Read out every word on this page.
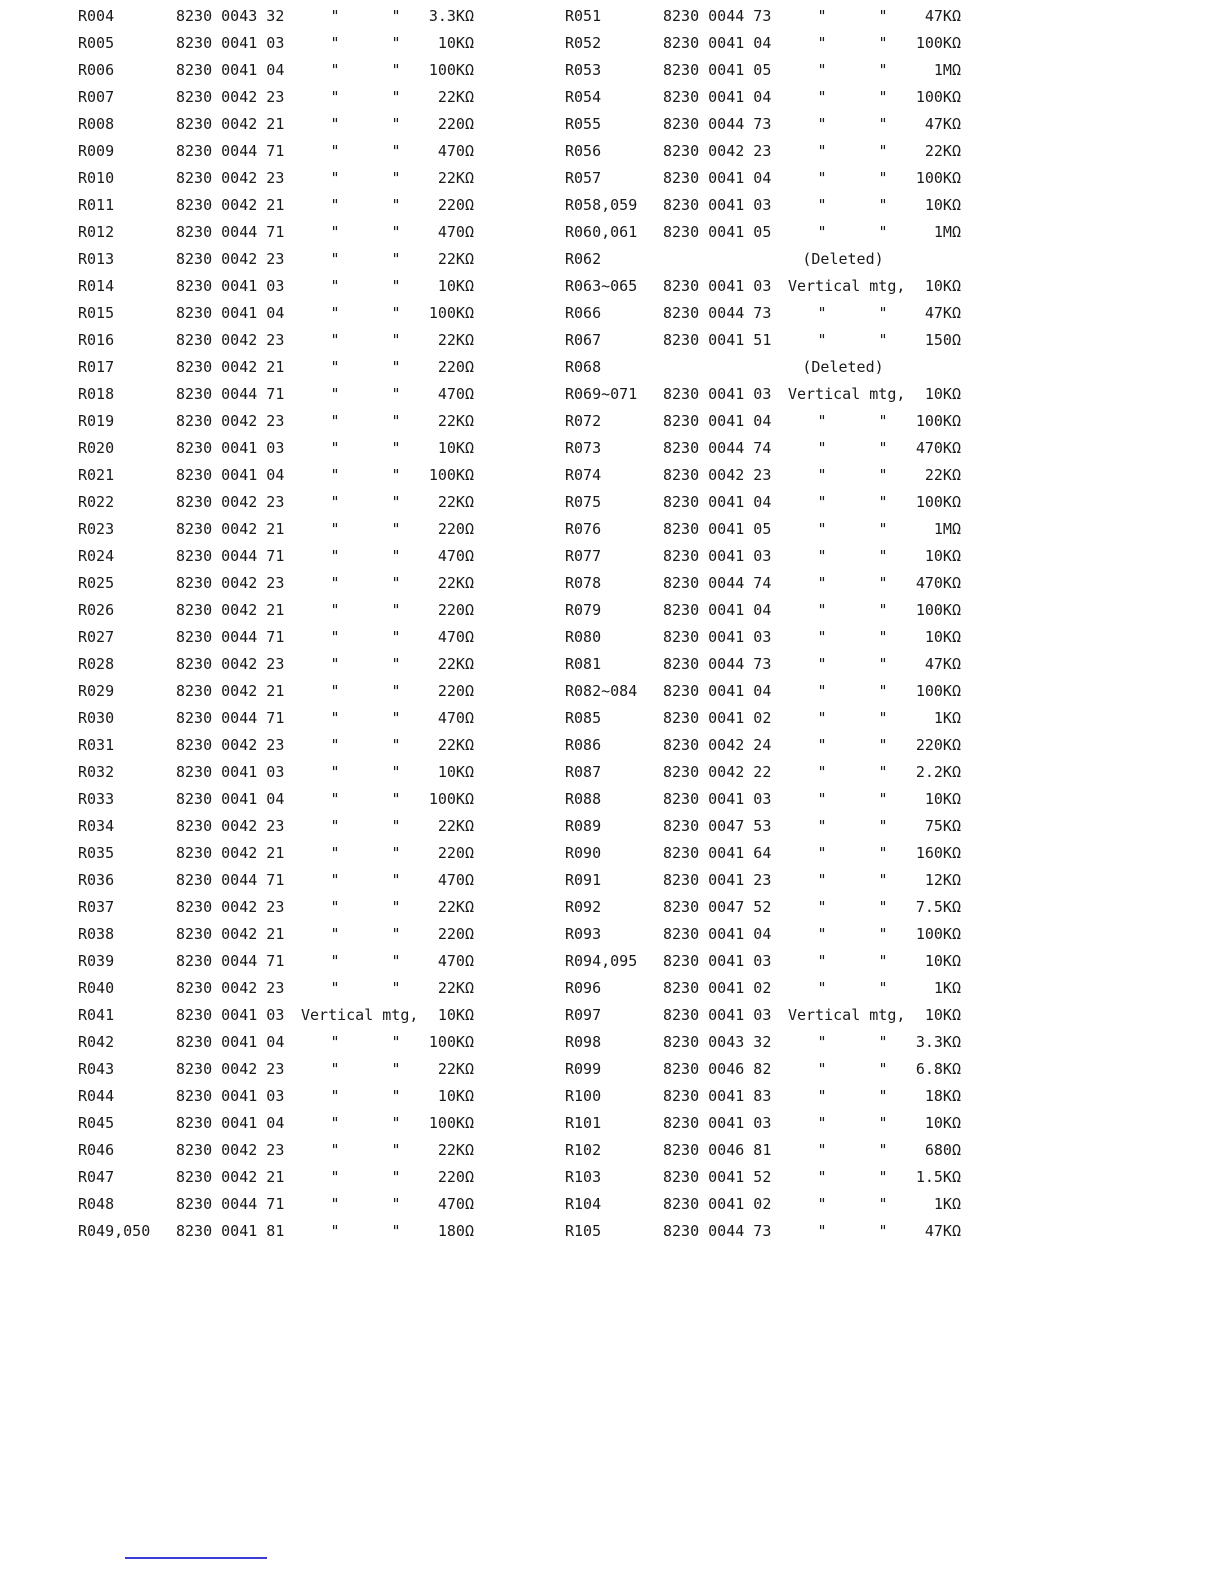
R004	8230 0043 32	"	"	3.3KΩ
R005	8230 0041 03	"	"	10KΩ
R006	8230 0041 04	"	"	100KΩ
R007	8230 0042 23	"	"	22KΩ
R008	8230 0042 21	"	"	220Ω
R009	8230 0044 71	"	"	470Ω
R010	8230 0042 23	"	"	22KΩ
R011	8230 0042 21	"	"	220Ω
R012	8230 0044 71	"	"	470Ω
R013	8230 0042 23	"	"	22KΩ
R014	8230 0041 03	"	"	10KΩ
R015	8230 0041 04	"	"	100KΩ
R016	8230 0042 23	"	"	22KΩ
R017	8230 0042 21	"	"	220Ω
R018	8230 0044 71	"	"	470Ω
R019	8230 0042 23	"	"	22KΩ
R020	8230 0041 03	"	"	10KΩ
R021	8230 0041 04	"	"	100KΩ
R022	8230 0042 23	"	"	22KΩ
R023	8230 0042 21	"	"	220Ω
R024	8230 0044 71	"	"	470Ω
R025	8230 0042 23	"	"	22KΩ
R026	8230 0042 21	"	"	220Ω
R027	8230 0044 71	"	"	470Ω
R028	8230 0042 23	"	"	22KΩ
R029	8230 0042 21	"	"	220Ω
R030	8230 0044 71	"	"	470Ω
R031	8230 0042 23	"	"	22KΩ
R032	8230 0041 03	"	"	10KΩ
R033	8230 0041 04	"	"	100KΩ
R034	8230 0042 23	"	"	22KΩ
R035	8230 0042 21	"	"	220Ω
R036	8230 0044 71	"	"	470Ω
R037	8230 0042 23	"	"	22KΩ
R038	8230 0042 21	"	"	220Ω
R039	8230 0044 71	"	"	470Ω
R040	8230 0042 23	"	"	22KΩ
R041	8230 0041 03 Vertical mtg,	10KΩ
R042	8230 0041 04	"	"	100KΩ
R043	8230 0042 23	"	"	22KΩ
R044	8230 0041 03	"	"	10KΩ
R045	8230 0041 04	"	"	100KΩ
R046	8230 0042 23	"	"	22KΩ
R047	8230 0042 21	"	"	220Ω
R048	8230 0044 71	"	"	470Ω
R049,050 8230 0041 81	"	"	180Ω
R051	8230 0044 73	"	"	47KΩ
R052	8230 0041 04	"	"	100KΩ
R053	8230 0041 05	"	"	1MΩ
R054	8230 0041 04	"	"	100KΩ
R055	8230 0044 73	"	"	47KΩ
R056	8230 0042 23	"	"	22KΩ
R057	8230 0041 04	"	"	100KΩ
R058,059 8230 0041 03	"	"	10KΩ
R060,061 8230 0041 05	"	"	1MΩ
R062	(Deleted)
R063~065 8230 0041 03 Vertical mtg,	10KΩ
R066	8230 0044 73	"	"	47KΩ
R067	8230 0041 51	"	"	150Ω
R068	(Deleted)
R069~071 8230 0041 03 Vertical mtg,	10KΩ
R072	8230 0041 04	"	"	100KΩ
R073	8230 0044 74	"	"	470KΩ
R074	8230 0042 23	"	"	22KΩ
R075	8230 0041 04	"	"	100KΩ
R076	8230 0041 05	"	"	1MΩ
R077	8230 0041 03	"	"	10KΩ
R078	8230 0044 74	"	"	470KΩ
R079	8230 0041 04	"	"	100KΩ
R080	8230 0041 03	"	"	10KΩ
R081	8230 0044 73	"	"	47KΩ
R082~084 8230 0041 04	"	"	100KΩ
R085	8230 0041 02	"	"	1KΩ
R086	8230 0042 24	"	"	220KΩ
R087	8230 0042 22	"	"	2.2KΩ
R088	8230 0041 03	"	"	10KΩ
R089	8230 0047 53	"	"	75KΩ
R090	8230 0041 64	"	"	160KΩ
R091	8230 0041 23	"	"	12KΩ
R092	8230 0047 52	"	"	7.5KΩ
R093	8230 0041 04	"	"	100KΩ
R094,095 8230 0041 03	"	"	10KΩ
R096	8230 0041 02	"	"	1KΩ
R097	8230 0041 03 Vertical mtg,	10KΩ
R098	8230 0043 32	"	"	3.3KΩ
R099	8230 0046 82	"	"	6.8KΩ
R100	8230 0041 83	"	"	18KΩ
R101	8230 0041 03	"	"	10KΩ
R102	8230 0046 81	"	"	680Ω
R103	8230 0041 52	"	"	1.5KΩ
R104	8230 0041 02	"	"	1KΩ
R105	8230 0044 73	"	"	47KΩ
